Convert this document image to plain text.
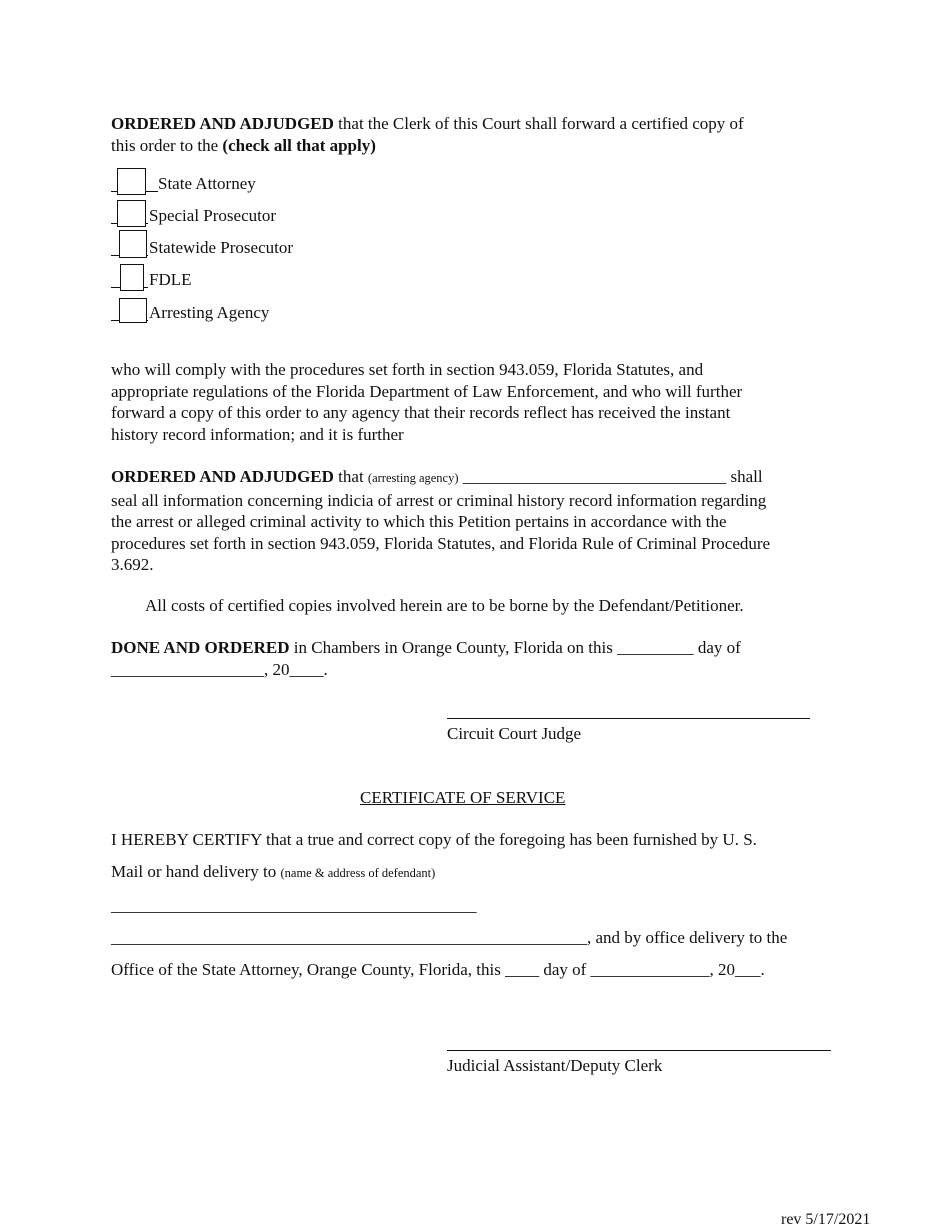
ORDERED AND ADJUDGED that the Clerk of this Court shall forward a certified copy of
this order to the (check all that apply)
State Attorney
Special Prosecutor
Statewide Prosecutor
FDLE
Arresting Agency
who will comply with the procedures set forth in section 943.059, Florida Statutes, and
appropriate regulations of the Florida Department of Law Enforcement, and who will further
forward a copy of this order to any agency that their records reflect has received the instant
history record information; and it is further
ORDERED AND ADJUDGED that (arresting agency) _______________________________ shall
seal all information concerning indicia of arrest or criminal history record information regarding
the arrest or alleged criminal activity to which this Petition pertains in accordance with the
procedures set forth in section 943.059, Florida Statutes, and Florida Rule of Criminal Procedure
3.692.
All costs of certified copies involved herein are to be borne by the Defendant/Petitioner.
DONE AND ORDERED in Chambers in Orange County, Florida on this _________ day of
__________________, 20____.
Circuit Court Judge
CERTIFICATE OF SERVICE
I HEREBY CERTIFY that a true and correct copy of the foregoing has been furnished by U. S.
Mail or hand delivery to (name & address of defendant)
___________________________________________
________________________________________________________, and by office delivery to the
Office of the State Attorney, Orange County, Florida, this ____ day of ______________, 20___.
Judicial Assistant/Deputy Clerk
rev 5/17/2021
